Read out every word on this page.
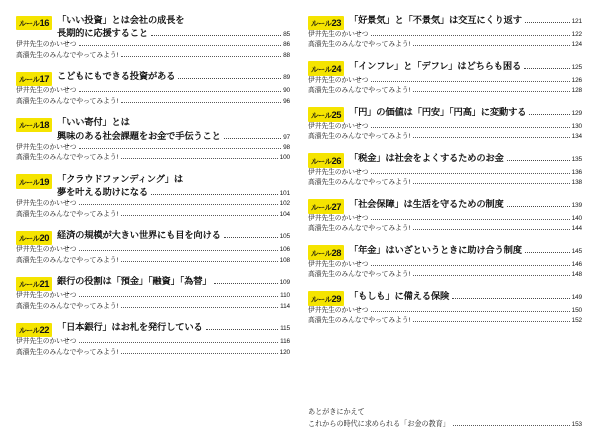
ルール16 「いい投資」とは会社の成長を
長期的に応援すること	85
伊井先生のかいせつ	86
高濱先生のみんなでやってみよう!	88
ルール17 こどもにもできる投資がある	89
伊井先生のかいせつ	90
高濱先生のみんなでやってみよう!	96
ルール18 「いい寄付」とは
興味のある社会課題をお金で手伝うこと	97
伊井先生のかいせつ	98
高濱先生のみんなでやってみよう!	100
ルール19 「クラウドファンディング」は
夢を叶える助けになる	101
伊井先生のかいせつ	102
高濱先生のみんなでやってみよう!	104
ルール20 経済の規模が大きい世界にも目を向ける	105
伊井先生のかいせつ	106
高濱先生のみんなでやってみよう!	108
ルール21 銀行の役割は「預金」「融資」「為替」	109
伊井先生のかいせつ	110
高濱先生のみんなでやってみよう!	114
ルール22 「日本銀行」はお札を発行している	115
伊井先生のかいせつ	116
高濱先生のみんなでやってみよう!	120
ルール23 「好景気」と「不景気」は交互にくり返す	121
伊井先生のかいせつ	122
高濱先生のみんなでやってみよう!	124
ルール24 「インフレ」と「デフレ」はどちらも困る	125
伊井先生のかいせつ	126
高濱先生のみんなでやってみよう!	128
ルール25 「円」の価値は「円安」「円高」に変動する	129
伊井先生のかいせつ	130
高濱先生のみんなでやってみよう!	134
ルール26 「税金」は社会をよくするためのお金	135
伊井先生のかいせつ	136
高濱先生のみんなでやってみよう!	138
ルール27 「社会保障」は生活を守るための制度	139
伊井先生のかいせつ	140
高濱先生のみんなでやってみよう!	144
ルール28 「年金」はいざというときに助け合う制度	145
伊井先生のかいせつ	146
高濱先生のみんなでやってみよう!	148
ルール29 「もしも」に備える保険	149
伊井先生のかいせつ	150
高濱先生のみんなでやってみよう!	152
あとがきにかえて
これからの時代に求められる「お金の教育」	153
